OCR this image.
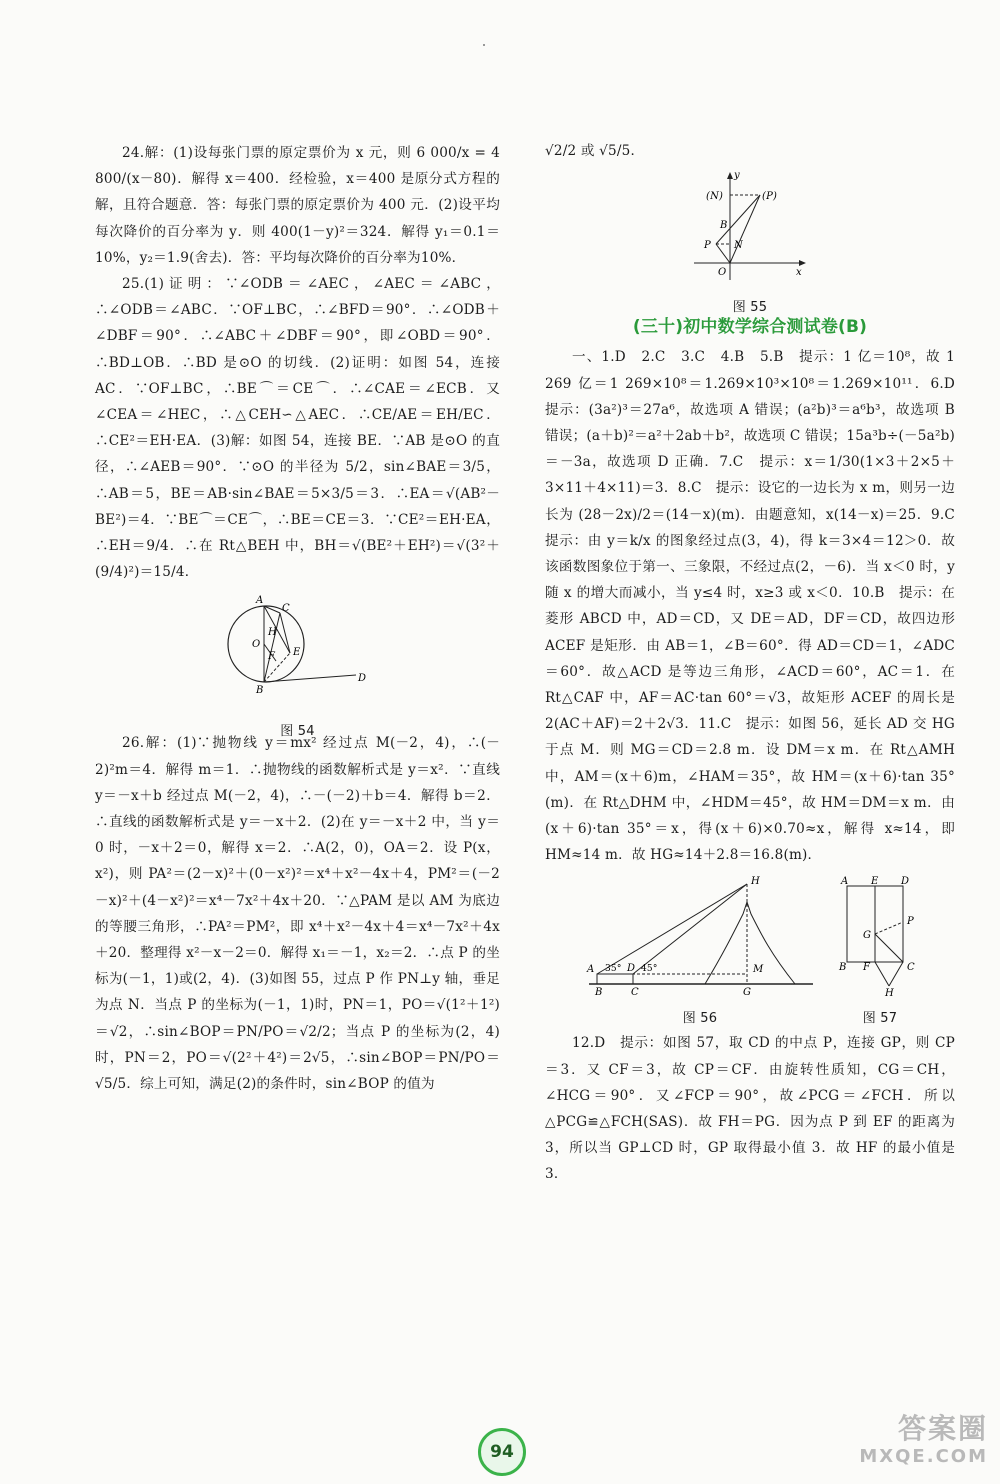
24.解：(1)设每张门票的原定票价为 x 元，则 6 000/x = 4 800/(x－80)．解得 x＝400．经检验，x＝400 是原分式方程的解，且符合题意．答：每张门票的原定票价为 400 元．(2)设平均每次降价的百分率为 y．则 400(1－y)²＝324．解得 y₁＝0.1＝10%，y₂＝1.9(舍去)．答：平均每次降价的百分率为10%．

25.(1)证明：∵∠ODB＝∠AEC，∠AEC＝∠ABC，∴∠ODB＝∠ABC．∵OF⊥BC，∴∠BFD＝90°．∴∠ODB＋∠DBF＝90°．∴∠ABC＋∠DBF＝90°，即∠OBD＝90°．∴BD⊥OB．∴BD 是⊙O 的切线．(2)证明：如图 54，连接 AC．∵OF⊥BC，∴BE⌒＝CE⌒．∴∠CAE＝∠ECB．又∠CEA＝∠HEC，∴△CEH∽△AEC．∴CE/AE＝EH/EC．∴CE²＝EH·EA．(3)解：如图 54，连接 BE．∵AB 是⊙O 的直径，∴∠AEB＝90°．∵⊙O 的半径为 5/2，sin∠BAE＝3/5，∴AB＝5，BE＝AB·sin∠BAE＝5×3/5＝3．∴EA＝√(AB²－BE²)＝4．∵BE⌒＝CE⌒，∴BE＝CE＝3．∵CE²＝EH·EA，∴EH＝9/4．∴在 Rt△BEH 中，BH＝√(BE²＋EH²)＝√(3²＋(9/4)²)＝15/4．

A
C
O
H
F E
B
D
图 54

26.解：(1)∵抛物线 y＝mx² 经过点 M(－2，4)，∴(－2)²m＝4．解得 m＝1．∴抛物线的函数解析式是 y＝x²．∵直线 y＝－x＋b 经过点 M(－2，4)，∴－(－2)＋b＝4．解得 b＝2．∴直线的函数解析式是 y＝－x＋2．(2)在 y＝－x＋2 中，当 y＝0 时，－x＋2＝0，解得 x＝2．∴A(2，0)，OA＝2．设 P(x，x²)，则 PA²＝(2－x)²＋(0－x²)²＝x⁴＋x²－4x＋4，PM²＝(－2－x)²＋(4－x²)²＝x⁴－7x²＋4x＋20．∵△PAM 是以 AM 为底边的等腰三角形，∴PA²＝PM²，即 x⁴＋x²－4x＋4＝x⁴－7x²＋4x＋20．整理得 x²－x－2＝0．解得 x₁＝－1，x₂＝2．∴点 P 的坐标为(－1，1)或(2，4)．(3)如图 55，过点 P 作 PN⊥y 轴，垂足为点 N．当点 P 的坐标为(－1，1)时，PN＝1，PO＝√(1²＋1²)＝√2，∴sin∠BOP＝PN/PO＝√2/2；当点 P 的坐标为(2，4)时，PN＝2，PO＝√(2²＋4²)＝2√5，∴sin∠BOP＝PN/PO＝√5/5．综上可知，满足(2)的条件时，sin∠BOP 的值为

√2/2 或 √5/5．

y
(N)	(P)
B
P N
O	x
图 55
(三十)初中数学综合测试卷(B)

一、1.D　2.C　3.C　4.B　5.B　提示：1 亿＝10⁸，故 1 269 亿＝1 269×10⁸＝1.269×10³×10⁸＝1.269×10¹¹．6.D　提示：(3a²)³＝27a⁶，故选项 A 错误；(a²b)³＝a⁶b³，故选项 B 错误；(a＋b)²＝a²＋2ab＋b²，故选项 C 错误；15a³b÷(－5a²b)＝－3a，故选项 D 正确．7.C　提示：x＝1/30(1×3＋2×5＋3×11＋4×11)＝3．8.C　提示：设它的一边长为 x m，则另一边长为 (28－2x)/2＝(14－x)(m)．由题意知，x(14－x)＝25．9.C　提示：由 y＝k/x 的图象经过点(3，4)，得 k＝3×4＝12＞0．故该函数图象位于第一、三象限，不经过点(2，－6)．当 x＜0 时，y 随 x 的增大而减小，当 y≤4 时，x≥3 或 x＜0．10.B　提示：在菱形 ABCD 中，AD＝CD，又 DE＝AD，DF＝CD，故四边形 ACEF 是矩形．由 AB＝1，∠B＝60°．得 AD＝CD＝1，∠ADC＝60°．故△ACD 是等边三角形，∠ACD＝60°，AC＝1．在 Rt△CAF 中，AF＝AC·tan 60°＝√3，故矩形 ACEF 的周长是 2(AC＋AF)＝2＋2√3．11.C　提示：如图 56，延长 AD 交 HG 于点 M．则 MG＝CD＝2.8 m．设 DM＝x m．在 Rt△AMH 中，AM＝(x＋6)m，∠HAM＝35°，故 HM＝(x＋6)·tan 35°(m)．在 Rt△DHM 中，∠HDM＝45°，故 HM＝DM＝x m．由(x＋6)·tan 35°＝x，得(x＋6)×0.70≈x，解得 x≈14，即 HM≈14 m．故 HG≈14＋2.8＝16.8(m)．

A
H
35° D 45°	M
B	C	G
图 56
A E D
G
P
B F	C
H
图 57

12.D　提示：如图 57，取 CD 的中点 P，连接 GP，则 CP＝3．又 CF＝3，故 CP＝CF．由旋转性质知，CG＝CH，∠HCG＝90°．又∠FCP＝90°，故∠PCG＝∠FCH．所以△PCG≌△FCH(SAS)．故 FH＝PG．因为点 P 到 EF 的距离为 3，所以当 GP⊥CD 时，GP 取得最小值 3．故 HF 的最小值是 3．

94
答案圈
MXQE.COM
